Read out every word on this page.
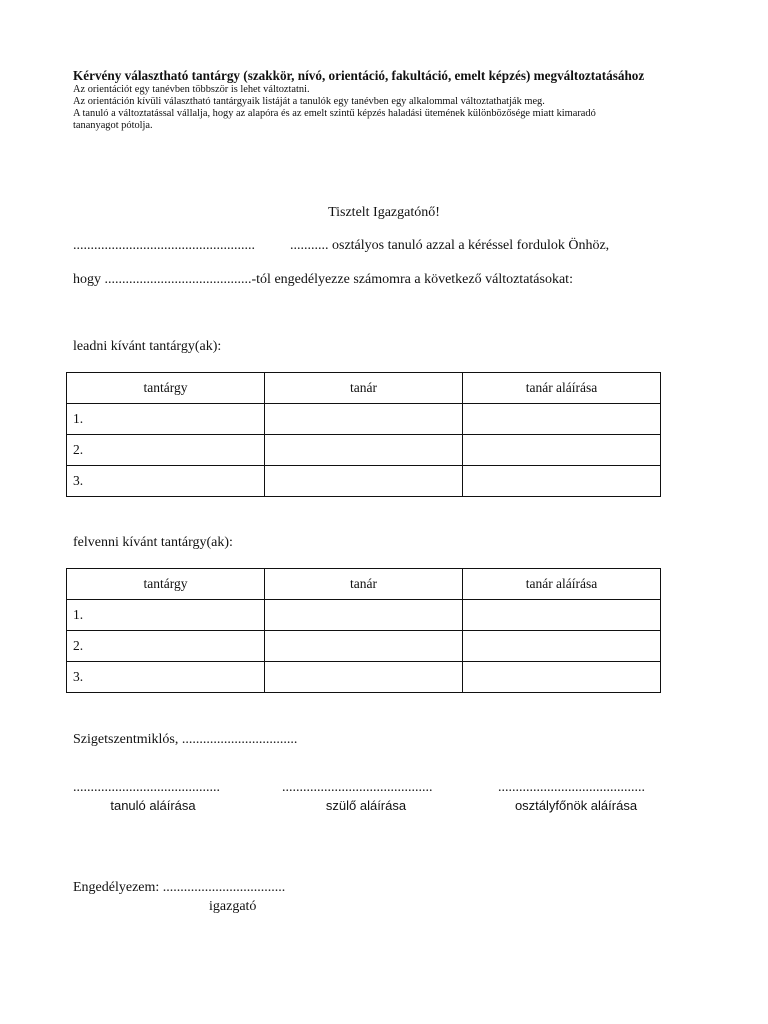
Kérvény választható tantárgy (szakkör, nívó, orientáció, fakultáció, emelt képzés) megváltoztatásához
Az orientációt egy tanévben többször is lehet változtatni.
Az orientáción kívüli választható tantárgyaik listáját a tanulók egy tanévben egy alkalommal változtathatják meg.
A tanuló a változtatással vállalja, hogy az alapóra és az emelt szintű képzés haladási ütemének különbözősége miatt kimaradó
tananyagot pótolja.
Tisztelt Igazgatónő!
....................................................	........... osztályos tanuló azzal a kéréssel fordulok Önhöz,
hogy ..........................................-tól engedélyezze számomra a következő változtatásokat:
leadni kívánt tantárgy(ak):
tantárgy	tanár	tanár aláírása
1.		
2.		
3.		
felvenni kívánt tantárgy(ak):
tantárgy	tanár	tanár aláírása
1.		
2.		
3.		
Szigetszentmiklós, .................................
..........................................	...........................................	..........................................
tanuló aláírása	szülő aláírása	osztályfőnök aláírása
Engedélyezem: ...................................
igazgató
